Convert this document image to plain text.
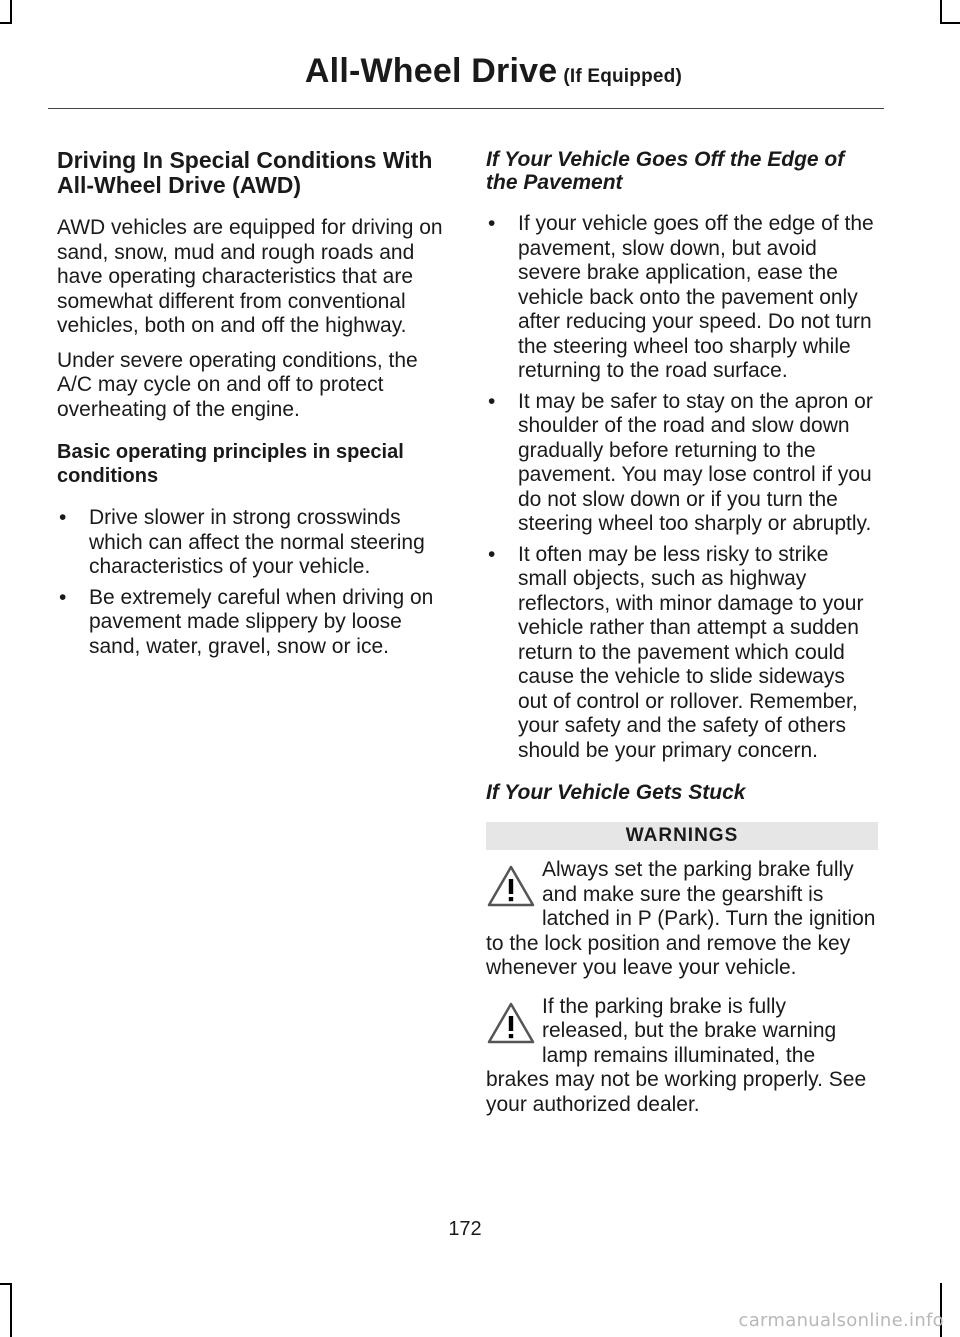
All-Wheel Drive (If Equipped)
Driving In Special Conditions With All-Wheel Drive (AWD)

AWD vehicles are equipped for driving on sand, snow, mud and rough roads and have operating characteristics that are somewhat different from conventional vehicles, both on and off the highway.

Under severe operating conditions, the A/C may cycle on and off to protect overheating of the engine.

Basic operating principles in special conditions
• Drive slower in strong crosswinds which can affect the normal steering characteristics of your vehicle.
• Be extremely careful when driving on pavement made slippery by loose sand, water, gravel, snow or ice.
If Your Vehicle Goes Off the Edge of the Pavement
• If your vehicle goes off the edge of the pavement, slow down, but avoid severe brake application, ease the vehicle back onto the pavement only after reducing your speed. Do not turn the steering wheel too sharply while returning to the road surface.
• It may be safer to stay on the apron or shoulder of the road and slow down gradually before returning to the pavement. You may lose control if you do not slow down or if you turn the steering wheel too sharply or abruptly.
• It often may be less risky to strike small objects, such as highway reflectors, with minor damage to your vehicle rather than attempt a sudden return to the pavement which could cause the vehicle to slide sideways out of control or rollover. Remember, your safety and the safety of others should be your primary concern.
If Your Vehicle Gets Stuck
WARNINGS
Always set the parking brake fully and make sure the gearshift is latched in P (Park). Turn the ignition to the lock position and remove the key whenever you leave your vehicle.
If the parking brake is fully released, but the brake warning lamp remains illuminated, the brakes may not be working properly. See your authorized dealer.
172
carmanualsonline.info
